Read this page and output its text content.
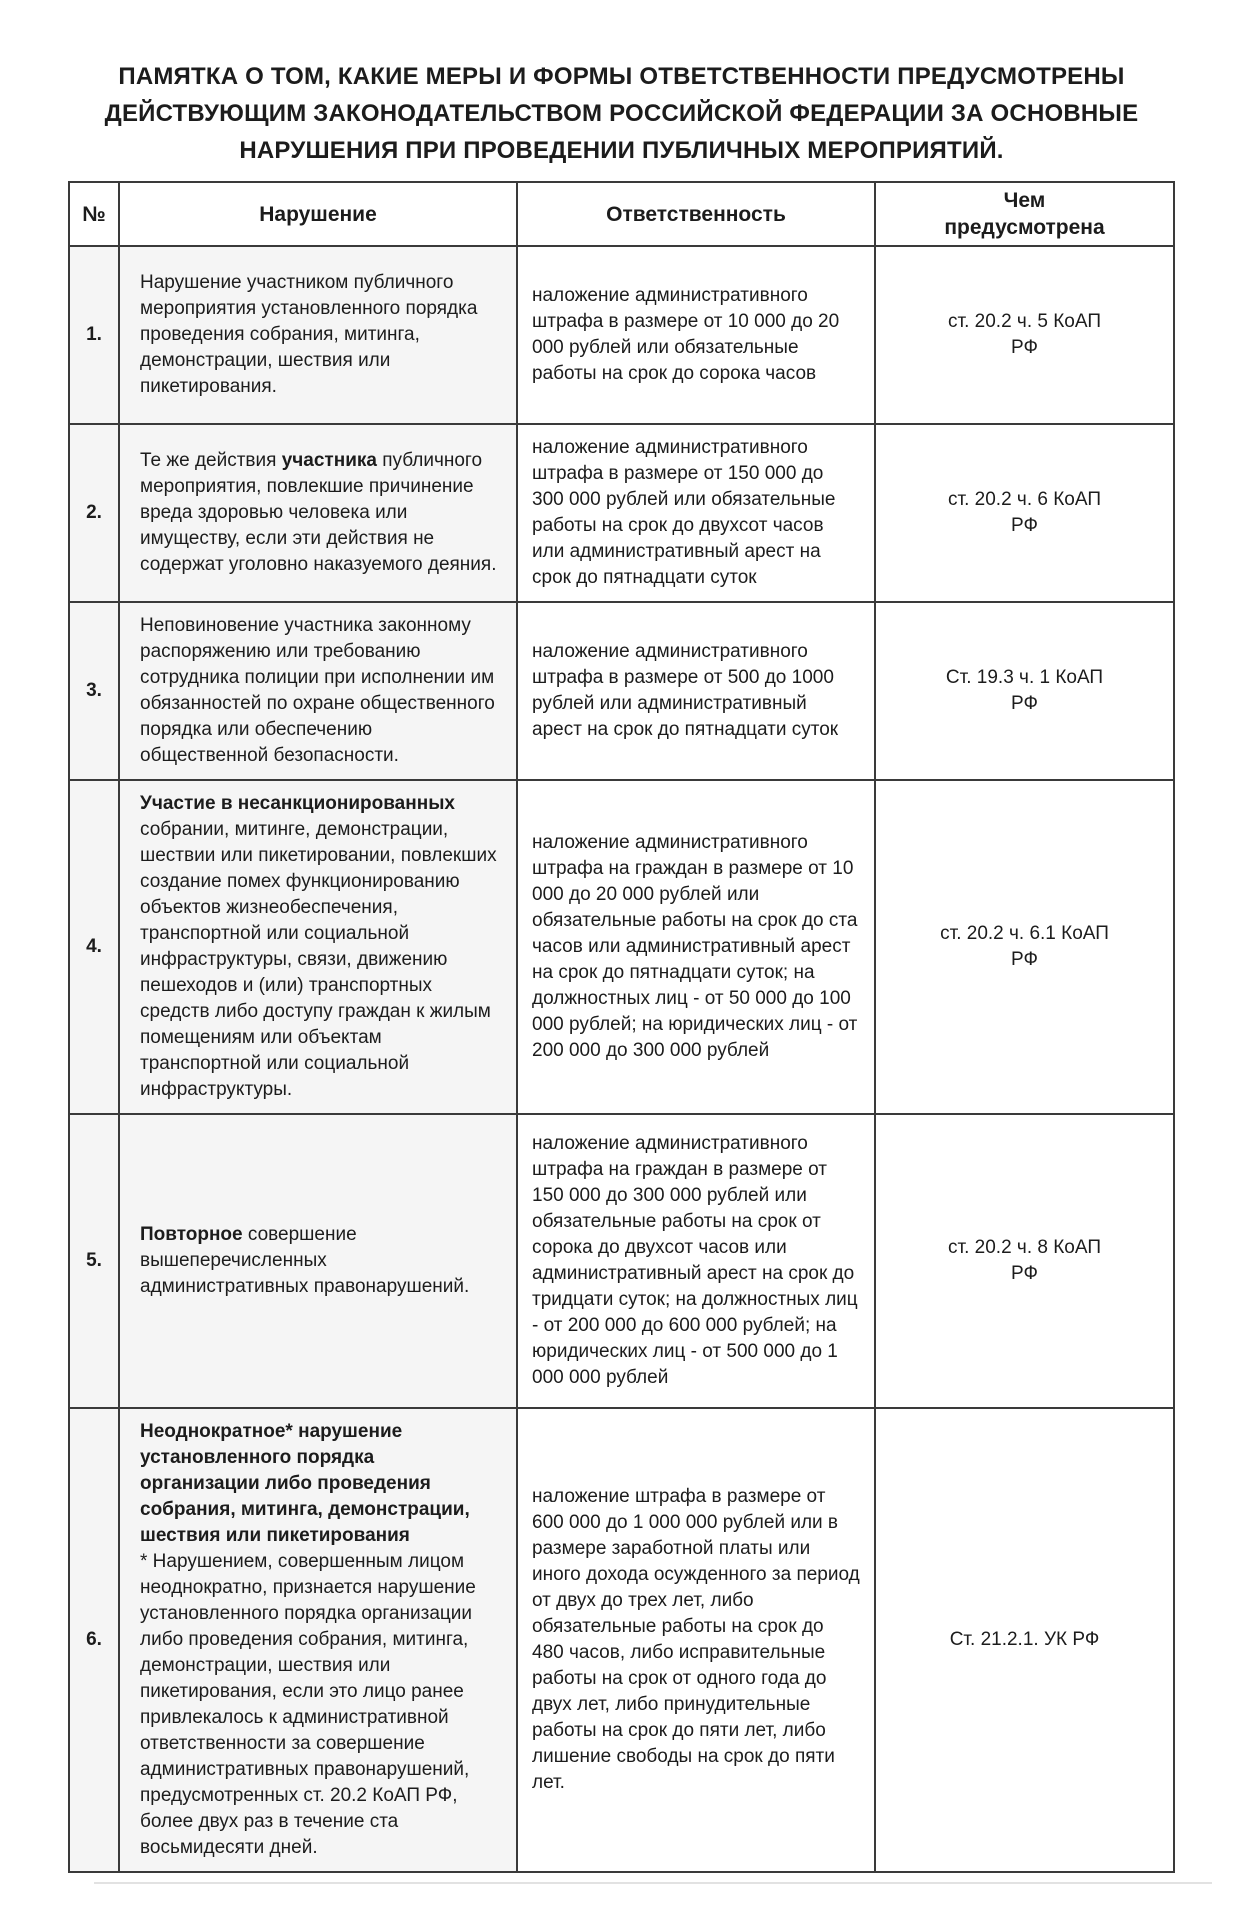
ПАМЯТКА О ТОМ, КАКИЕ МЕРЫ И ФОРМЫ ОТВЕТСТВЕННОСТИ ПРЕДУСМОТРЕНЫ
ДЕЙСТВУЮЩИМ ЗАКОНОДАТЕЛЬСТВОМ РОССИЙСКОЙ ФЕДЕРАЦИИ ЗА ОСНОВНЫЕ
НАРУШЕНИЯ ПРИ ПРОВЕДЕНИИ ПУБЛИЧНЫХ МЕРОПРИЯТИЙ.
№	Нарушение	Ответственность	Чем
предусмотрена

1.	Нарушение участником публичного мероприятия установленного порядка проведения собрания, митинга, демонстрации, шествия или пикетирования.	наложение административного штрафа в размере от 10 000 до 20 000 рублей или обязательные работы на срок до сорока часов	ст. 20.2 ч. 5 КоАП
РФ

2.	Те же действия участника публичного мероприятия, повлекшие причинение вреда здоровью человека или имуществу, если эти действия не содержат уголовно наказуемого деяния.	наложение административного штрафа в размере от 150 000 до 300 000 рублей или обязательные работы на срок до двухсот часов или административный арест на срок до пятнадцати суток	ст. 20.2 ч. 6 КоАП
РФ

3.	Неповиновение участника законному распоряжению или требованию сотрудника полиции при исполнении им обязанностей по охране общественного порядка или обеспечению общественной безопасности.	наложение административного штрафа в размере от 500 до 1000 рублей или административный арест на срок до пятнадцати суток	Ст. 19.3 ч. 1 КоАП
РФ

4.	Участие в несанкционированных собрании, митинге, демонстрации, шествии или пикетировании, повлекших создание помех функционированию объектов жизнеобеспечения, транспортной или социальной инфраструктуры, связи, движению пешеходов и (или) транспортных средств либо доступу граждан к жилым помещениям или объектам транспортной или социальной инфраструктуры.	наложение административного штрафа на граждан в размере от 10 000 до 20 000 рублей или обязательные работы на срок до ста часов или административный арест на срок до пятнадцати суток; на должностных лиц - от 50 000 до 100 000 рублей; на юридических лиц - от 200 000 до 300 000 рублей	
ст. 20.2 ч. 6.1 КоАП
РФ

5.	Повторное совершение вышеперечисленных административных правонарушений.	наложение административного штрафа на граждан в размере от 150 000 до 300 000 рублей или обязательные работы на срок от сорока до двухсот часов или административный арест на срок до тридцати суток; на должностных лиц - от 200 000 до 600 000 рублей; на юридических лиц - от 500 000 до 1 000 000 рублей	ст. 20.2 ч. 8 КоАП
РФ

6.	Неоднократное* нарушение установленного порядка организации либо проведения собрания, митинга, демонстрации, шествия или пикетирования
* Нарушением, совершенным лицом неоднократно, признается нарушение установленного порядка организации либо проведения собрания, митинга, демонстрации, шествия или пикетирования, если это лицо ранее привлекалось к административной ответственности за совершение административных правонарушений, предусмотренных ст. 20.2 КоАП РФ, более двух раз в течение ста восьмидесяти дней.	наложение штрафа в размере от 600 000 до 1 000 000 рублей или в размере заработной платы или иного дохода осужденного за период от двух до трех лет, либо обязательные работы на срок до 480 часов, либо исправительные работы на срок от одного года до двух лет, либо принудительные работы на срок до пяти лет, либо лишение свободы на срок до пяти лет.	
Ст. 21.2.1. УК РФ
